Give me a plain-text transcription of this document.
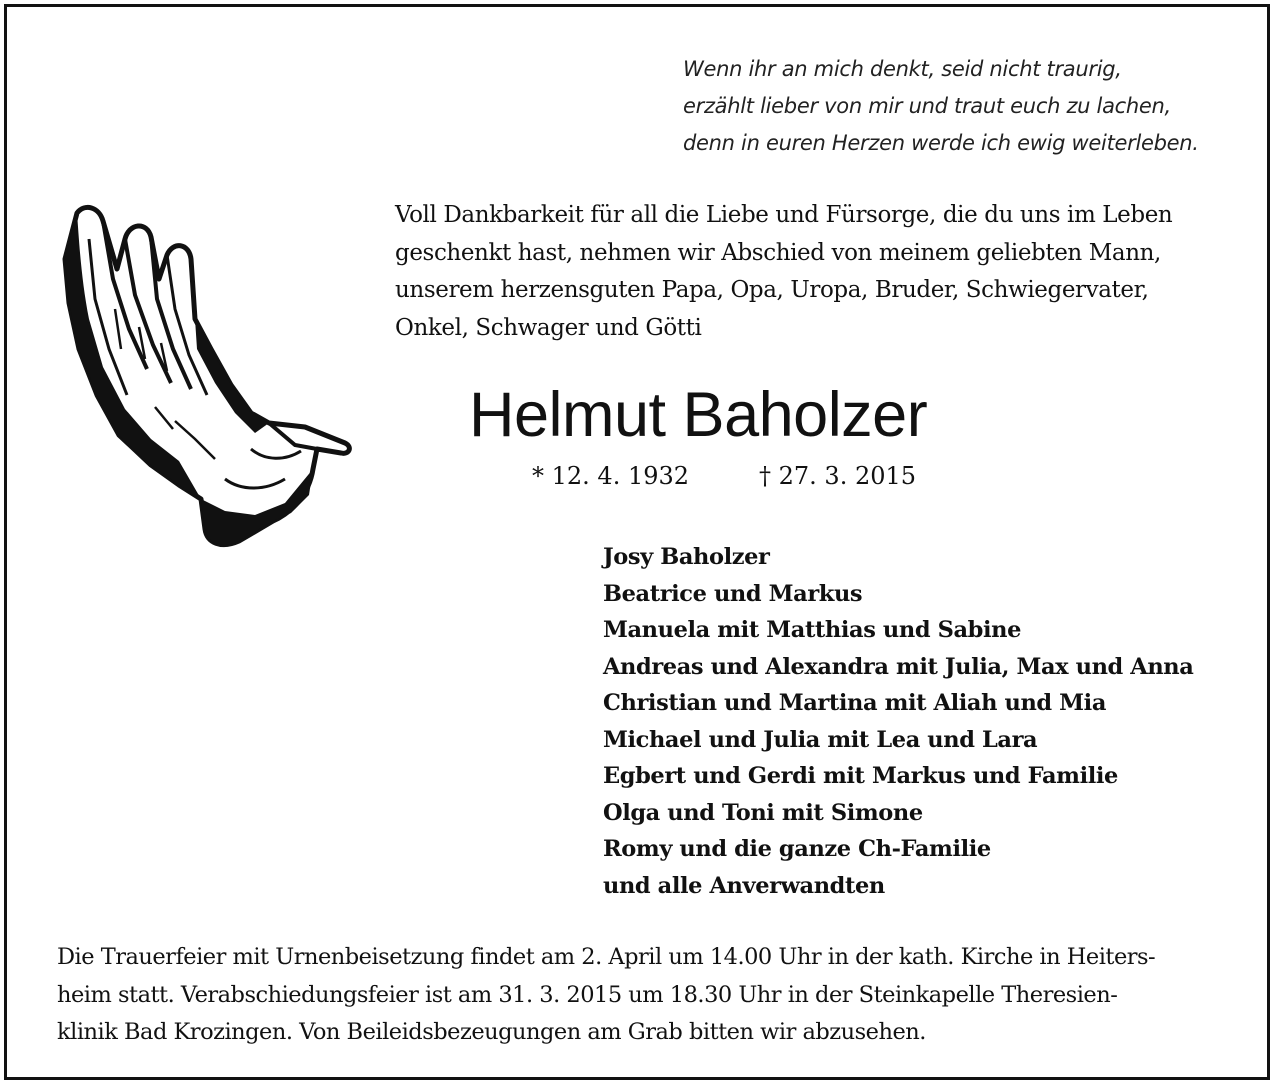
Wenn ihr an mich denkt, seid nicht traurig,
erzählt lieber von mir und traut euch zu lachen,
denn in euren Herzen werde ich ewig weiterleben.
Voll Dankbarkeit für all die Liebe und Fürsorge, die du uns im Leben
geschenkt hast, nehmen wir Abschied von meinem geliebten Mann,
unserem herzensguten Papa, Opa, Uropa, Bruder, Schwiegervater,
Onkel, Schwager und Götti
Helmut Baholzer
* 12. 4. 1932	† 27. 3. 2015
Josy Baholzer
Beatrice und Markus
Manuela mit Matthias und Sabine
Andreas und Alexandra mit Julia, Max und Anna
Christian und Martina mit Aliah und Mia
Michael und Julia mit Lea und Lara
Egbert und Gerdi mit Markus und Familie
Olga und Toni mit Simone
Romy und die ganze Ch-Familie
und alle Anverwandten
Die Trauerfeier mit Urnenbeisetzung findet am 2. April um 14.00 Uhr in der kath. Kirche in Heiters-
heim statt. Verabschiedungsfeier ist am 31. 3. 2015 um 18.30 Uhr in der Steinkapelle Theresien-
klinik Bad Krozingen. Von Beileidsbezeugungen am Grab bitten wir abzusehen.
